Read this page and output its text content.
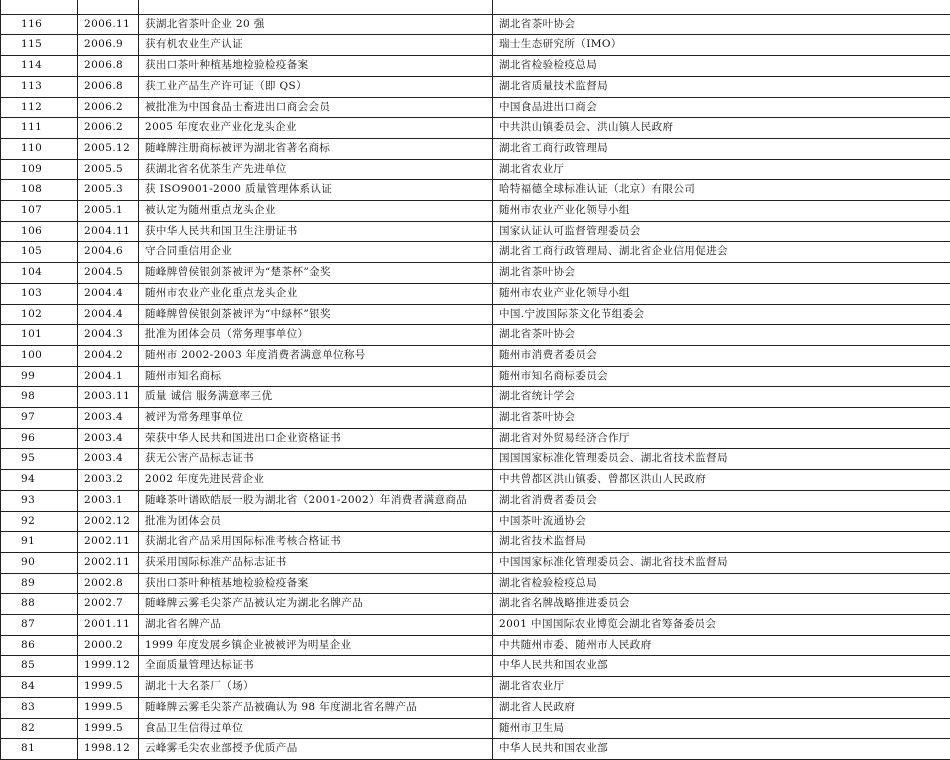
116	2006.11	获湖北省茶叶企业 20 强	湖北省茶叶协会
115	2006.9	获有机农业生产认证	瑞士生态研究所（IMO）
114	2006.8	获出口茶叶种植基地检验检疫备案	湖北省检验检疫总局
113	2006.8	获工业产品生产许可证（即 QS）	湖北省质量技术监督局
112	2006.2	被批准为中国食品士畜进出口商会会员	中国食品进出口商会
111	2006.2	2005 年度农业产业化龙头企业	中共洪山镇委员会、洪山镇人民政府
110	2005.12	随峰牌注册商标被评为湖北省著名商标	湖北省工商行政管理局
109	2005.5	获湖北省名优茶生产先进单位	湖北省农业厅
108	2005.3	获 ISO9001-2000 质量管理体系认证	哈特福德全球标准认证（北京）有限公司
107	2005.1	被认定为随州重点龙头企业	随州市农业产业化领导小组
106	2004.11	获中华人民共和国卫生注册证书	国家认证认可监督管理委员会
105	2004.6	守合同重信用企业	湖北省工商行政管理局、湖北省企业信用促进会
104	2004.5	随峰牌曾侯银剑茶被评为“楚茶杯”金奖	湖北省茶叶协会
103	2004.4	随州市农业产业化重点龙头企业	随州市农业产业化领导小组
102	2004.4	随峰牌曾侯银剑茶被评为“中绿杯”银奖	中国.宁波国际茶文化节组委会
101	2004.3	批准为团体会员（常务理事单位）	湖北省茶叶协会
100	2004.2	随州市 2002-2003 年度消费者满意单位称号	随州市消费者委员会
99	2004.1	随州市知名商标	随州市知名商标委员会
98	2003.11	质量 诚信 服务满意率三优	湖北省统计学会
97	2003.4	被评为常务理事单位	湖北省茶叶协会
96	2003.4	荣获中华人民共和国进出口企业资格证书	湖北省对外贸易经济合作厅
95	2003.4	获无公害产品标志证书	国国国家标准化管理委员会、湖北省技术监督局
94	2003.2	2002 年度先进民营企业	中共曾都区洪山镇委、曾都区洪山人民政府
93	2003.1	随峰茶叶谱欧皓辰一股为湖北省（2001-2002）年消费者满意商品	湖北省消费者委员会
92	2002.12	批准为团体会员	中国茶叶流通协会
91	2002.11	获湖北省产品采用国际标准考核合格证书	湖北省技术监督局
90	2002.11	获采用国际标准产品标志证书	中国国家标准化管理委员会、湖北省技术监督局
89	2002.8	获出口茶叶种植基地检验检疫备案	湖北省检验检疫总局
88	2002.7	随峰牌云雾毛尖茶产品被认定为湖北名牌产品	湖北省名牌战略推进委员会
87	2001.11	湖北省名牌产品	2001 中国国际农业博览会湖北省筹备委员会
86	2000.2	1999 年度发展乡镇企业被被评为明星企业	中共随州市委、随州市人民政府
85	1999.12	全面质量管理达标证书	中华人民共和国农业部
84	1999.5	湖北十大名茶厂（场）	湖北省农业厅
83	1999.5	随峰牌云雾毛尖茶产品被确认为 98 年度湖北省名牌产品	湖北省人民政府
82	1999.5	食品卫生信得过单位	随州市卫生局
81	1998.12	云峰雾毛尖农业部授予优质产品	中华人民共和国农业部
